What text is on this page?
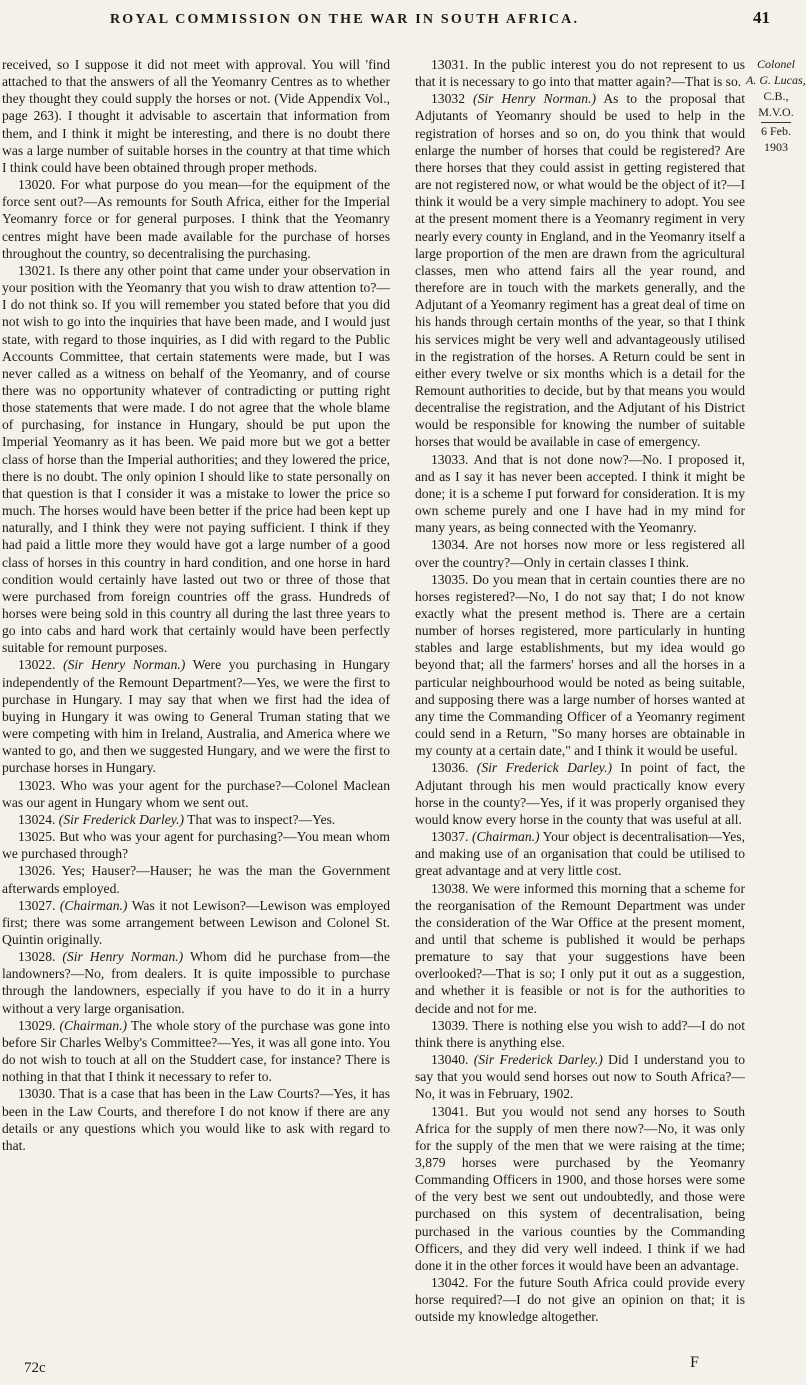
ROYAL COMMISSION ON THE WAR IN SOUTH AFRICA.	41

received, so I suppose it did not meet with approval. You will 'find attached to that the answers of all the Yeomanry Centres as to whether they thought they could supply the horses or not. (Vide Appendix Vol., page 263). I thought it advisable to ascertain that information from them, and I think it might be interesting, and there is no doubt there was a large number of suitable horses in the country at that time which I think could have been obtained through proper methods.

13020. For what purpose do you mean—for the equipment of the force sent out?—As remounts for South Africa, either for the Imperial Yeomanry force or for general purposes. I think that the Yeomanry centres might have been made available for the purchase of horses throughout the country, so decentralising the purchasing.

13021. Is there any other point that came under your observation in your position with the Yeomanry that you wish to draw attention to?—I do not think so. If you will remember you stated before that you did not wish to go into the inquiries that have been made, and I would just state, with regard to those inquiries, as I did with regard to the Public Accounts Committee, that certain statements were made, but I was never called as a witness on behalf of the Yeomanry, and of course there was no opportunity whatever of contradicting or putting right those statements that were made. I do not agree that the whole blame of purchasing, for instance in Hungary, should be put upon the Imperial Yeomanry as it has been. We paid more but we got a better class of horse than the Imperial authorities; and they lowered the price, there is no doubt. The only opinion I should like to state personally on that question is that I consider it was a mistake to lower the price so much. The horses would have been better if the price had been kept up naturally, and I think they were not paying sufficient. I think if they had paid a little more they would have got a large number of a good class of horses in this country in hard condition, and one horse in hard condition would certainly have lasted out two or three of those that were purchased from foreign countries off the grass. Hundreds of horses were being sold in this country all during the last three years to go into cabs and hard work that certainly would have been perfectly suitable for remount purposes.

13022. (Sir Henry Norman.) Were you purchasing in Hungary independently of the Remount Department?—Yes, we were the first to purchase in Hungary. I may say that when we first had the idea of buying in Hungary it was owing to General Truman stating that we were competing with him in Ireland, Australia, and America where we wanted to go, and then we suggested Hungary, and we were the first to purchase horses in Hungary.

13023. Who was your agent for the purchase?—Colonel Maclean was our agent in Hungary whom we sent out.

13024. (Sir Frederick Darley.) That was to inspect?—Yes.

13025. But who was your agent for purchasing?—You mean whom we purchased through?

13026. Yes; Hauser?—Hauser; he was the man the Government afterwards employed.

13027. (Chairman.) Was it not Lewison?—Lewison was employed first; there was some arrangement between Lewison and Colonel St. Quintin originally.

13028. (Sir Henry Norman.) Whom did he purchase from—the landowners?—No, from dealers. It is quite impossible to purchase through the landowners, especially if you have to do it in a hurry without a very large organisation.

13029. (Chairman.) The whole story of the purchase was gone into before Sir Charles Welby's Committee?—Yes, it was all gone into. You do not wish to touch at all on the Studdert case, for instance? There is nothing in that that I think it necessary to refer to.

13030. That is a case that has been in the Law Courts?—Yes, it has been in the Law Courts, and therefore I do not know if there are any details or any questions which you would like to ask with regard to that.

13031. In the public interest you do not represent to us that it is necessary to go into that matter again?—That is so.

13032 (Sir Henry Norman.) As to the proposal that Adjutants of Yeomanry should be used to help in the registration of horses and so on, do you think that would enlarge the number of horses that could be registered? Are there horses that they could assist in getting registered that are not registered now, or what would be the object of it?—I think it would be a very simple machinery to adopt. You see at the present moment there is a Yeomanry regiment in very nearly every county in England, and in the Yeomanry itself a large proportion of the men are drawn from the agricultural classes, men who attend fairs all the year round, and therefore are in touch with the markets generally, and the Adjutant of a Yeomanry regiment has a great deal of time on his hands through certain months of the year, so that I think his services might be very well and advantageously utilised in the registration of the horses. A Return could be sent in either every twelve or six months which is a detail for the Remount authorities to decide, but by that means you would decentralise the registration, and the Adjutant of his District would be responsible for knowing the number of suitable horses that would be available in case of emergency.

13033. And that is not done now?—No. I proposed it, and as I say it has never been accepted. I think it might be done; it is a scheme I put forward for consideration. It is my own scheme purely and one I have had in my mind for many years, as being connected with the Yeomanry.

13034. Are not horses now more or less registered all over the country?—Only in certain classes I think.

13035. Do you mean that in certain counties there are no horses registered?—No, I do not say that; I do not know exactly what the present method is. There are a certain number of horses registered, more particularly in hunting stables and large establishments, but my idea would go beyond that; all the farmers' horses and all the horses in a particular neighbourhood would be noted as being suitable, and supposing there was a large number of horses wanted at any time the Commanding Officer of a Yeomanry regiment could send in a Return, "So many horses are obtainable in my county at a certain date," and I think it would be useful.

13036. (Sir Frederick Darley.) In point of fact, the Adjutant through his men would practically know every horse in the county?—Yes, if it was properly organised they would know every horse in the county that was useful at all.

13037. (Chairman.) Your object is decentralisation—Yes, and making use of an organisation that could be utilised to great advantage and at very little cost.

13038. We were informed this morning that a scheme for the reorganisation of the Remount Department was under the consideration of the War Office at the present moment, and until that scheme is published it would be perhaps premature to say that your suggestions have been overlooked?—That is so; I only put it out as a suggestion, and whether it is feasible or not is for the authorities to decide and not for me.

13039. There is nothing else you wish to add?—I do not think there is anything else.

13040. (Sir Frederick Darley.) Did I understand you to say that you would send horses out now to South Africa?—No, it was in February, 1902.

13041. But you would not send any horses to South Africa for the supply of men there now?—No, it was only for the supply of the men that we were raising at the time; 3,879 horses were purchased by the Yeomanry Commanding Officers in 1900, and those horses were some of the very best we sent out undoubtedly, and those were purchased on this system of decentralisation, being purchased in the various counties by the Commanding Officers, and they did very well indeed. I think if we had done it in the other forces it would have been an advantage.

13042. For the future South Africa could provide every horse required?—I do not give an opinion on that; it is outside my knowledge altogether.

Colonel
A. G. Lucas,
C.B., M.V.O.
6 Feb. 1903
72c	F
